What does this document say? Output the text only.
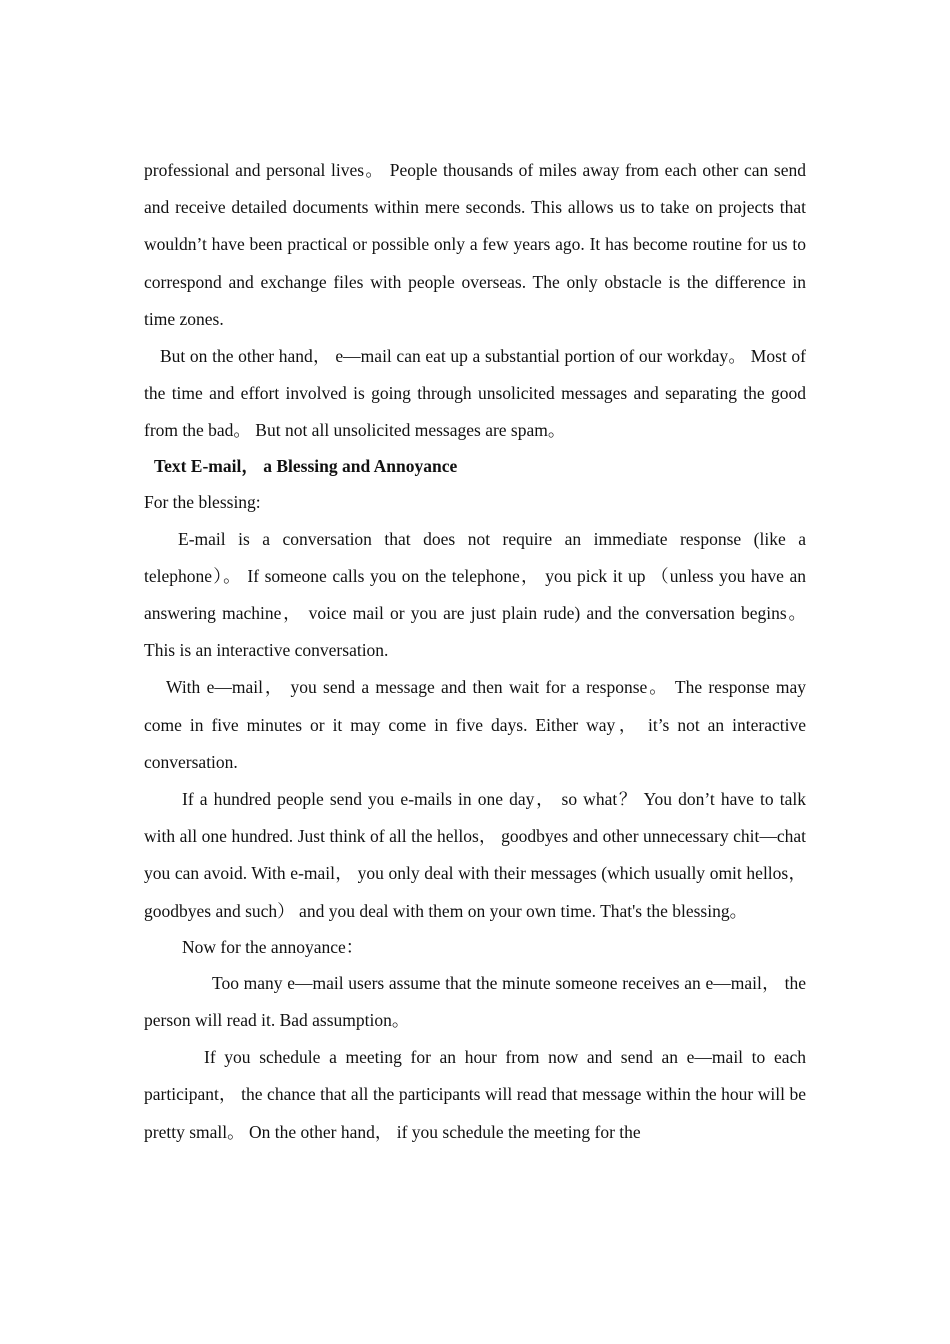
professional and personal lives。 People thousands of miles away from each other can send and receive detailed documents within mere seconds. This allows us to take on projects that wouldn’t have been practical or possible only a few years ago. It has become routine for us to correspond and exchange files with people overseas. The only obstacle is the difference in time zones.

But on the other hand， e—mail can eat up a substantial portion of our workday。 Most of the time and effort involved is going through unsolicited messages and separating the good from the bad。 But not all unsolicited messages are spam。

Text E-mail， a Blessing and Annoyance

For the blessing:

E-mail is a conversation that does not require an immediate response (like a telephone）。 If someone calls you on the telephone， you pick it up （unless you have an answering machine， voice mail or you are just plain rude) and the conversation begins。 This is an interactive conversation.

With e—mail， you send a message and then wait for a response。 The response may come in five minutes or it may come in five days. Either way， it’s not an interactive conversation.

If a hundred people send you e-mails in one day， so what？ You don’t have to talk with all one hundred. Just think of all the hellos， goodbyes and other unnecessary chit—chat you can avoid. With e-mail， you only deal with their messages (which usually omit hellos， goodbyes and such） and you deal with them on your own time. That's the blessing。

Now for the annoyance：

Too many e—mail users assume that the minute someone receives an e—mail， the person will read it. Bad assumption。

If you schedule a meeting for an hour from now and send an e—mail to each participant， the chance that all the participants will read that message within the hour will be pretty small。 On the other hand， if you schedule the meeting for the
